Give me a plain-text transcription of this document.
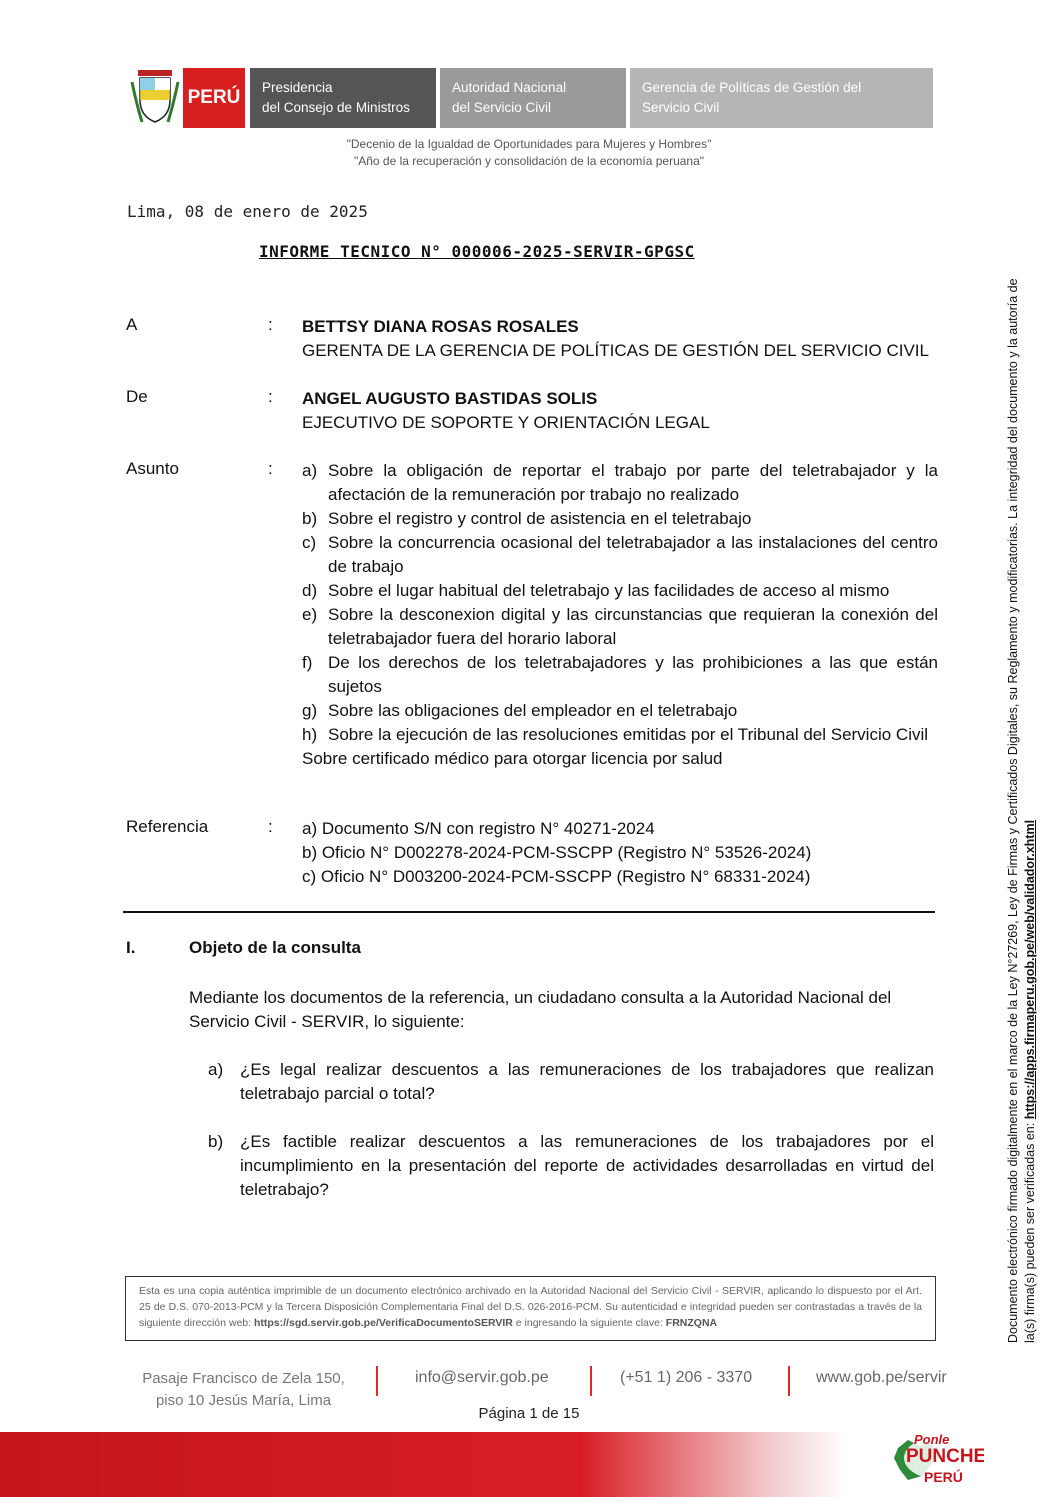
PERÚ Presidencia
del Consejo de Ministros
Autoridad Nacional
del Servicio Civil
Gerencia de Políticas de Gestión del
Servicio Civil
"Decenio de la Igualdad de Oportunidades para Mujeres y Hombres"
"Año de la recuperación y consolidación de la economía peruana"
Lima, 08 de enero de 2025
INFORME TECNICO N° 000006-2025-SERVIR-GPGSC
A	: BETTSY DIANA ROSAS ROSALES
GERENTA DE LA GERENCIA DE POLÍTICAS DE GESTIÓN DEL SERVICIO CIVIL
De	: ANGEL AUGUSTO BASTIDAS SOLIS
EJECUTIVO DE SOPORTE Y ORIENTACIÓN LEGAL
Asunto	: a) Sobre la obligación de reportar el trabajo por parte del teletrabajador y la afectación de la remuneración por trabajo no realizado
b) Sobre el registro y control de asistencia en el teletrabajo
c) Sobre la concurrencia ocasional del teletrabajador a las instalaciones del centro de trabajo
d) Sobre el lugar habitual del teletrabajo y las facilidades de acceso al mismo
e) Sobre la desconexion digital y las circunstancias que requieran la conexión del teletrabajador fuera del horario laboral
f) De los derechos de los teletrabajadores y las prohibiciones a las que están sujetos
g) Sobre las obligaciones del empleador en el teletrabajo
h) Sobre la ejecución de las resoluciones emitidas por el Tribunal del Servicio Civil
Sobre certificado médico para otorgar licencia por salud
Referencia	: a) Documento S/N con registro N° 40271-2024
b) Oficio N° D002278-2024-PCM-SSCPP (Registro N° 53526-2024)
c) Oficio N° D003200-2024-PCM-SSCPP (Registro N° 68331-2024)
I.	Objeto de la consulta
Mediante los documentos de la referencia, un ciudadano consulta a la Autoridad Nacional del Servicio Civil - SERVIR, lo siguiente:
a) ¿Es legal realizar descuentos a las remuneraciones de los trabajadores que realizan teletrabajo parcial o total?
b) ¿Es factible realizar descuentos a las remuneraciones de los trabajadores por el incumplimiento en la presentación del reporte de actividades desarrolladas en virtud del teletrabajo?
Esta es una copia auténtica imprimible de un documento electrónico archivado en la Autoridad Nacional del Servicio Civil - SERVIR, aplicando lo dispuesto por el Art. 25 de D.S. 070-2013-PCM y la Tercera Disposición Complementaria Final del D.S. 026-2016-PCM. Su autenticidad e integridad pueden ser contrastadas a través de la siguiente dirección web: https://sgd.servir.gob.pe/VerificaDocumentoSERVIR e ingresando la siguiente clave: FRNZQNA
Pasaje Francisco de Zela 150,
piso 10 Jesús María, Lima
info@servir.gob.pe	(+51 1) 206 - 3370	www.gob.pe/servir
Página 1 de 15
Ponle
PUNCHE
PERÚ
Documento electrónico firmado digitalmente en el marco de la Ley N°27269, Ley de Firmas y Certificados Digitales, su Reglamento y modificatorias. La integridad del documento y la autoría de la(s) firma(s) pueden ser verificadas en: https://apps.firmaperu.gob.pe/web/validador.xhtml
